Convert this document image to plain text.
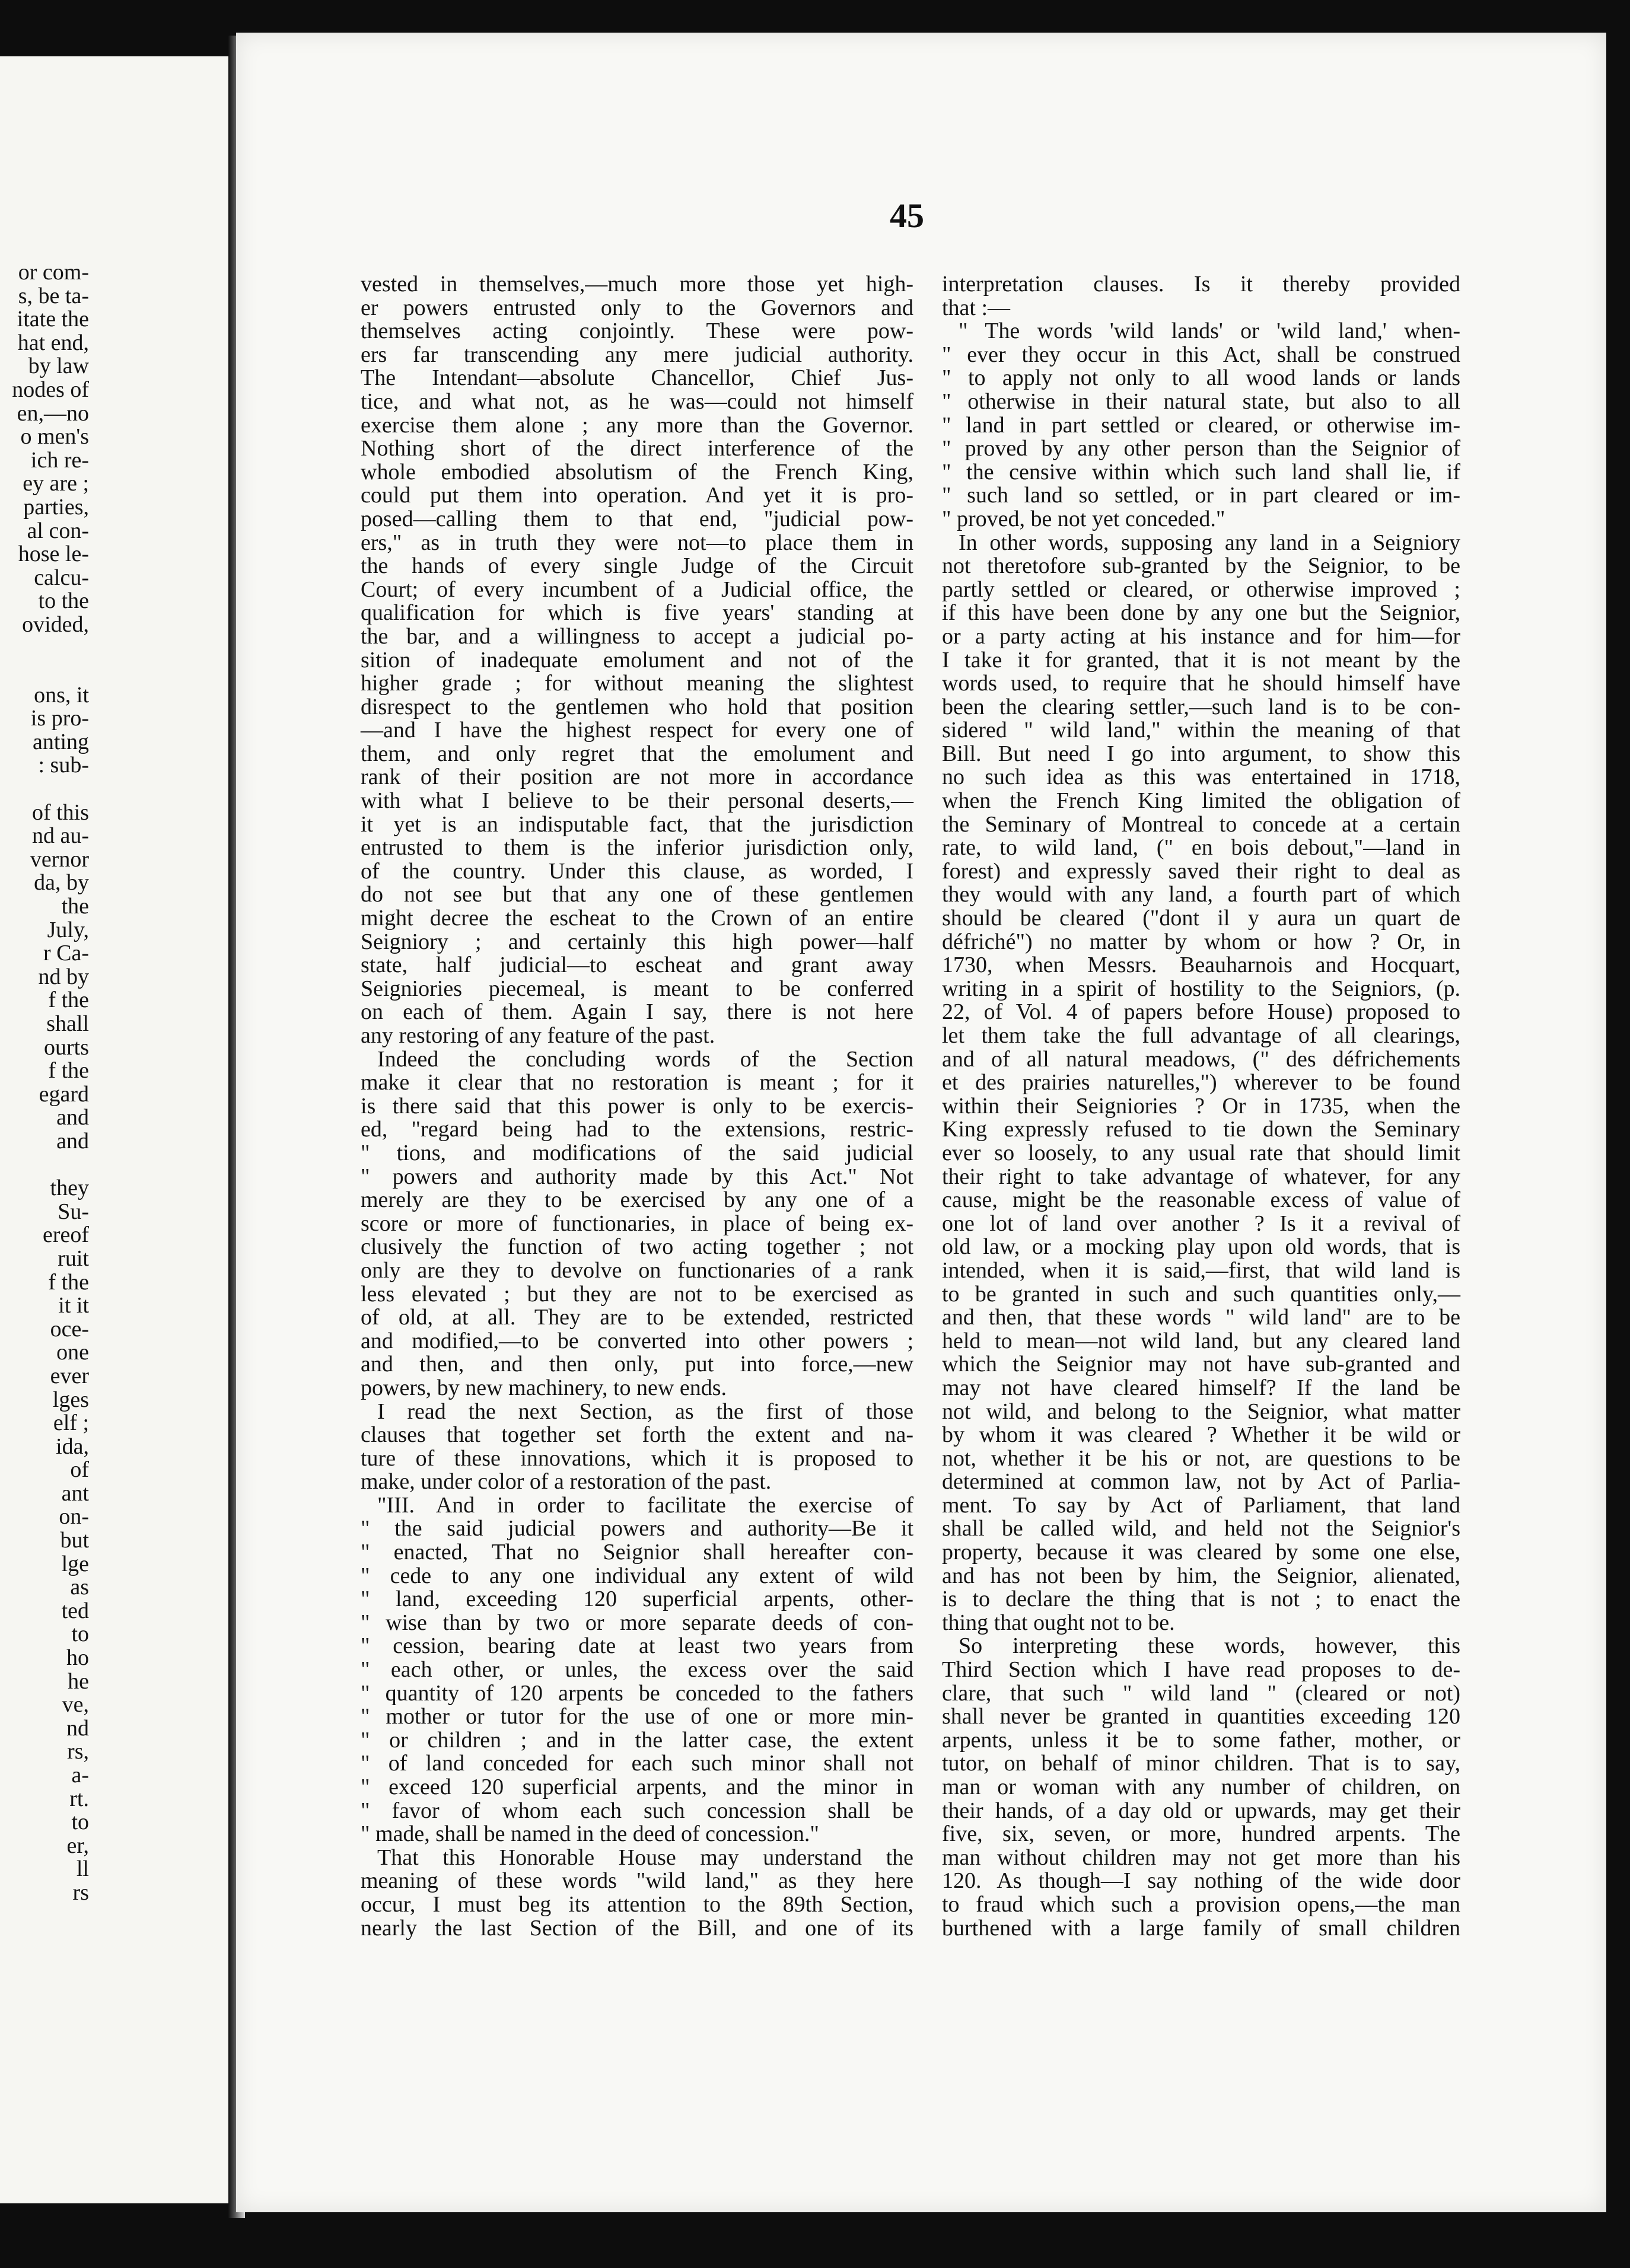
or com-
s, be ta-
itate the
hat end,
by law
nodes of
en,—no
o men's
ich re-
ey are ;
parties,
al con-
hose le-
calcu-
to the
ovided,
ons, it
is pro-
anting
: sub-
of this
nd au-
vernor
da, by
the
July,
r Ca-
nd by
f the
shall
ourts
f the
egard
and
and
they
Su-
ereof
ruit
f the
it it
oce-
one
ever
lges
elf ;
ida,
of
ant
on-
but
lge
as
ted
to
ho
he
ve,
nd
rs,
a-
rt.
to
er,
ll
rs
45
vested in themselves,—much more those yet high-
er powers entrusted only to the Governors and
themselves acting conjointly. These were pow-
ers far transcending any mere judicial authority.
The Intendant—absolute Chancellor, Chief Jus-
tice, and what not, as he was—could not himself
exercise them alone ; any more than the Governor.
Nothing short of the direct interference of the
whole embodied absolutism of the French King,
could put them into operation. And yet it is pro-
posed—calling them to that end, "judicial pow-
ers," as in truth they were not—to place them in
the hands of every single Judge of the Circuit
Court; of every incumbent of a Judicial office, the
qualification for which is five years' standing at
the bar, and a willingness to accept a judicial po-
sition of inadequate emolument and not of the
higher grade ; for without meaning the slightest
disrespect to the gentlemen who hold that position
—and I have the highest respect for every one of
them, and only regret that the emolument and
rank of their position are not more in accordance
with what I believe to be their personal deserts,—
it yet is an indisputable fact, that the jurisdiction
entrusted to them is the inferior jurisdiction only,
of the country. Under this clause, as worded, I
do not see but that any one of these gentlemen
might decree the escheat to the Crown of an entire
Seigniory ; and certainly this high power—half
state, half judicial—to escheat and grant away
Seigniories piecemeal, is meant to be conferred
on each of them. Again I say, there is not here
any restoring of any feature of the past.
Indeed the concluding words of the Section
make it clear that no restoration is meant ; for it
is there said that this power is only to be exercis-
ed, "regard being had to the extensions, restric-
" tions, and modifications of the said judicial
" powers and authority made by this Act." Not
merely are they to be exercised by any one of a
score or more of functionaries, in place of being ex-
clusively the function of two acting together ; not
only are they to devolve on functionaries of a rank
less elevated ; but they are not to be exercised as
of old, at all. They are to be extended, restricted
and modified,—to be converted into other powers ;
and then, and then only, put into force,—new
powers, by new machinery, to new ends.
I read the next Section, as the first of those
clauses that together set forth the extent and na-
ture of these innovations, which it is proposed to
make, under color of a restoration of the past.
"III. And in order to facilitate the exercise of
" the said judicial powers and authority—Be it
" enacted, That no Seignior shall hereafter con-
" cede to any one individual any extent of wild
" land, exceeding 120 superficial arpents, other-
" wise than by two or more separate deeds of con-
" cession, bearing date at least two years from
" each other, or unles, the excess over the said
" quantity of 120 arpents be conceded to the fathers
" mother or tutor for the use of one or more min-
" or children ; and in the latter case, the extent
" of land conceded for each such minor shall not
" exceed 120 superficial arpents, and the minor in
" favor of whom each such concession shall be
" made, shall be named in the deed of concession."
That this Honorable House may understand the
meaning of these words "wild land," as they here
occur, I must beg its attention to the 89th Section,
nearly the last Section of the Bill, and one of its
interpretation clauses. Is it thereby provided
that :—
" The words 'wild lands' or 'wild land,' when-
" ever they occur in this Act, shall be construed
" to apply not only to all wood lands or lands
" otherwise in their natural state, but also to all
" land in part settled or cleared, or otherwise im-
" proved by any other person than the Seignior of
" the censive within which such land shall lie, if
" such land so settled, or in part cleared or im-
" proved, be not yet conceded."
In other words, supposing any land in a Seigniory
not theretofore sub-granted by the Seignior, to be
partly settled or cleared, or otherwise improved ;
if this have been done by any one but the Seignior,
or a party acting at his instance and for him—for
I take it for granted, that it is not meant by the
words used, to require that he should himself have
been the clearing settler,—such land is to be con-
sidered " wild land," within the meaning of that
Bill. But need I go into argument, to show this
no such idea as this was entertained in 1718,
when the French King limited the obligation of
the Seminary of Montreal to concede at a certain
rate, to wild land, (" en bois debout,"—land in
forest) and expressly saved their right to deal as
they would with any land, a fourth part of which
should be cleared ("dont il y aura un quart de
défriché") no matter by whom or how ? Or, in
1730, when Messrs. Beauharnois and Hocquart,
writing in a spirit of hostility to the Seigniors, (p.
22, of Vol. 4 of papers before House) proposed to
let them take the full advantage of all clearings,
and of all natural meadows, (" des défrichements
et des prairies naturelles,") wherever to be found
within their Seigniories ? Or in 1735, when the
King expressly refused to tie down the Seminary
ever so loosely, to any usual rate that should limit
their right to take advantage of whatever, for any
cause, might be the reasonable excess of value of
one lot of land over another ? Is it a revival of
old law, or a mocking play upon old words, that is
intended, when it is said,—first, that wild land is
to be granted in such and such quantities only,—
and then, that these words " wild land" are to be
held to mean—not wild land, but any cleared land
which the Seignior may not have sub-granted and
may not have cleared himself? If the land be
not wild, and belong to the Seignior, what matter
by whom it was cleared ? Whether it be wild or
not, whether it be his or not, are questions to be
determined at common law, not by Act of Parlia-
ment. To say by Act of Parliament, that land
shall be called wild, and held not the Seignior's
property, because it was cleared by some one else,
and has not been by him, the Seignior, alienated,
is to declare the thing that is not ; to enact the
thing that ought not to be.
So interpreting these words, however, this
Third Section which I have read proposes to de-
clare, that such " wild land " (cleared or not)
shall never be granted in quantities exceeding 120
arpents, unless it be to some father, mother, or
tutor, on behalf of minor children. That is to say,
man or woman with any number of children, on
their hands, of a day old or upwards, may get their
five, six, seven, or more, hundred arpents. The
man without children may not get more than his
120. As though—I say nothing of the wide door
to fraud which such a provision opens,—the man
burthened with a large family of small children
